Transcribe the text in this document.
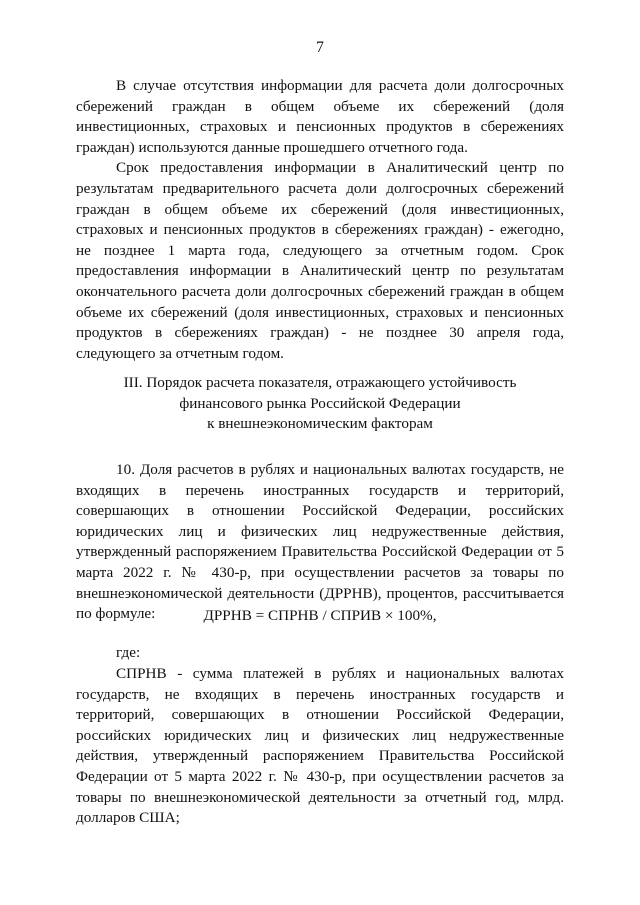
7

В случае отсутствия информации для расчета доли долгосрочных сбережений граждан в общем объеме их сбережений (доля инвестиционных, страховых и пенсионных продуктов в сбережениях граждан) используются данные прошедшего отчетного года.

Срок предоставления информации в Аналитический центр по результатам предварительного расчета доли долгосрочных сбережений граждан в общем объеме их сбережений (доля инвестиционных, страховых и пенсионных продуктов в сбережениях граждан) - ежегодно, не позднее 1 марта года, следующего за отчетным годом. Срок предоставления информации в Аналитический центр по результатам окончательного расчета доли долгосрочных сбережений граждан в общем объеме их сбережений (доля инвестиционных, страховых и пенсионных продуктов в сбережениях граждан) - не позднее 30 апреля года, следующего за отчетным годом.

III. Порядок расчета показателя, отражающего устойчивость
финансового рынка Российской Федерации
к внешнеэкономическим факторам

10. Доля расчетов в рублях и национальных валютах государств, не входящих в перечень иностранных государств и территорий, совершающих в отношении Российской Федерации, российских юридических лиц и физических лиц недружественные действия, утвержденный распоряжением Правительства Российской Федерации от 5 марта 2022 г. № 430-р, при осуществлении расчетов за товары по внешнеэкономической деятельности (ДРРНВ), процентов, рассчитывается по формуле:	ДРРНВ = СПРНВ / СПРИВ × 100%,
где:

СПРНВ - сумма платежей в рублях и национальных валютах государств, не входящих в перечень иностранных государств и территорий, совершающих в отношении Российской Федерации, российских юридических лиц и физических лиц недружественные действия, утвержденный распоряжением Правительства Российской Федерации от 5 марта 2022 г. № 430-р, при осуществлении расчетов за товары по внешнеэкономической деятельности за отчетный год, млрд. долларов США;
